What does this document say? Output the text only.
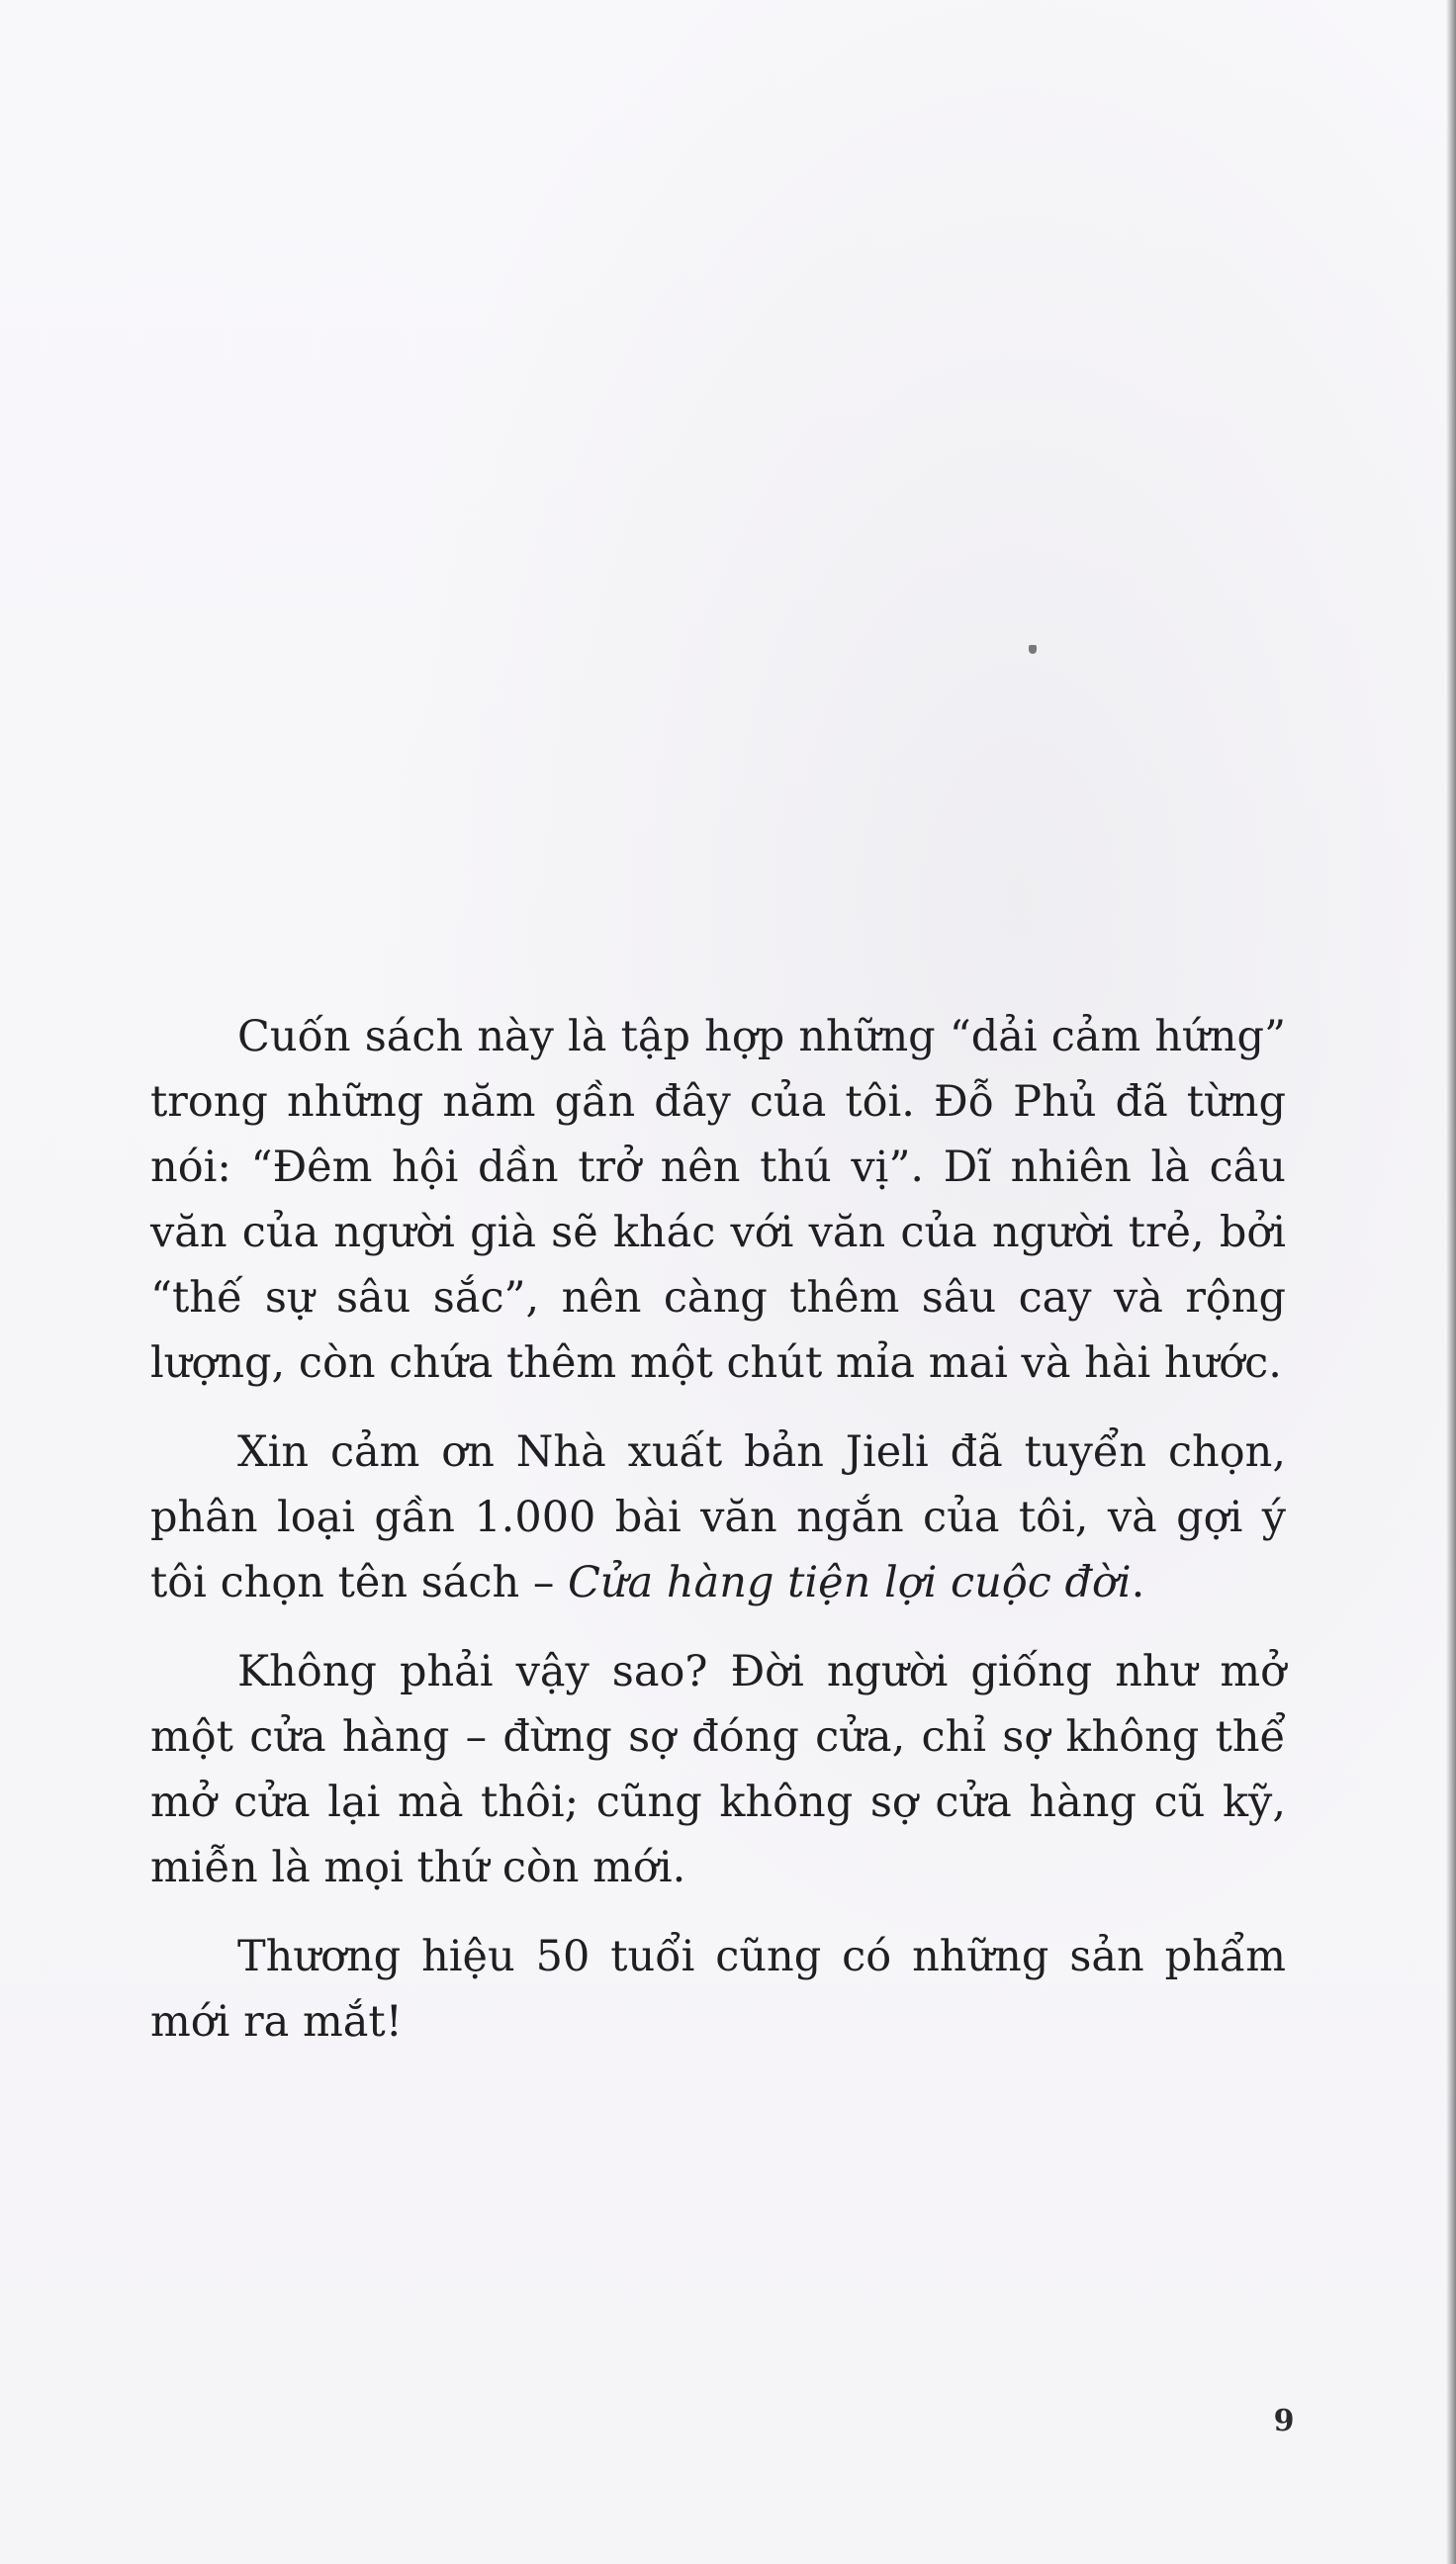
Cuốn sách này là tập hợp những “dải cảm hứng” trong những năm gần đây của tôi. Đỗ Phủ đã từng nói: “Đêm hội dần trở nên thú vị”. Dĩ nhiên là câu văn của người già sẽ khác với văn của người trẻ, bởi “thế sự sâu sắc”, nên càng thêm sâu cay và rộng lượng, còn chứa thêm một chút mỉa mai và hài hước.

Xin cảm ơn Nhà xuất bản Jieli đã tuyển chọn, phân loại gần 1.000 bài văn ngắn của tôi, và gợi ý tôi chọn tên sách – Cửa hàng tiện lợi cuộc đời.

Không phải vậy sao? Đời người giống như mở một cửa hàng – đừng sợ đóng cửa, chỉ sợ không thể mở cửa lại mà thôi; cũng không sợ cửa hàng cũ kỹ, miễn là mọi thứ còn mới.

Thương hiệu 50 tuổi cũng có những sản phẩm mới ra mắt!

9
